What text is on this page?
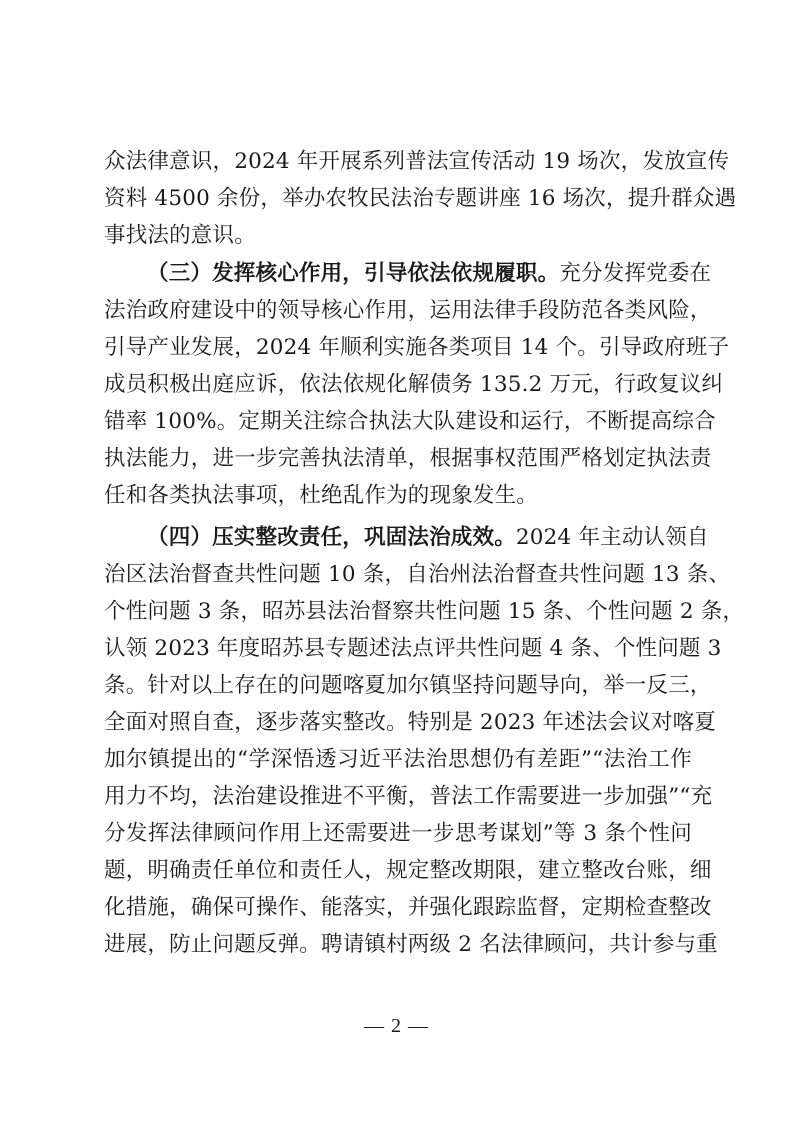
众法律意识，2024 年开展系列普法宣传活动 19 场次，发放宣传
资料 4500 余份，举办农牧民法治专题讲座 16 场次，提升群众遇
事找法的意识。
（三）发挥核心作用，引导依法依规履职。充分发挥党委在
法治政府建设中的领导核心作用，运用法律手段防范各类风险，
引导产业发展，2024 年顺利实施各类项目 14 个。引导政府班子
成员积极出庭应诉，依法依规化解债务 135.2 万元，行政复议纠
错率 100%。定期关注综合执法大队建设和运行，不断提高综合
执法能力，进一步完善执法清单，根据事权范围严格划定执法责
任和各类执法事项，杜绝乱作为的现象发生。
（四）压实整改责任，巩固法治成效。2024 年主动认领自
治区法治督查共性问题 10 条，自治州法治督查共性问题 13 条、
个性问题 3 条，昭苏县法治督察共性问题 15 条、个性问题 2 条，
认领 2023 年度昭苏县专题述法点评共性问题 4 条、个性问题 3
条。针对以上存在的问题喀夏加尔镇坚持问题导向，举一反三，
全面对照自查，逐步落实整改。特别是 2023 年述法会议对喀夏
加尔镇提出的“学深悟透习近平法治思想仍有差距”“法治工作
用力不均，法治建设推进不平衡，普法工作需要进一步加强”“充
分发挥法律顾问作用上还需要进一步思考谋划”等 3 条个性问
题，明确责任单位和责任人，规定整改期限，建立整改台账，细
化措施，确保可操作、能落实，并强化跟踪监督，定期检查整改
进展，防止问题反弹。聘请镇村两级 2 名法律顾问，共计参与重
— 2 —
